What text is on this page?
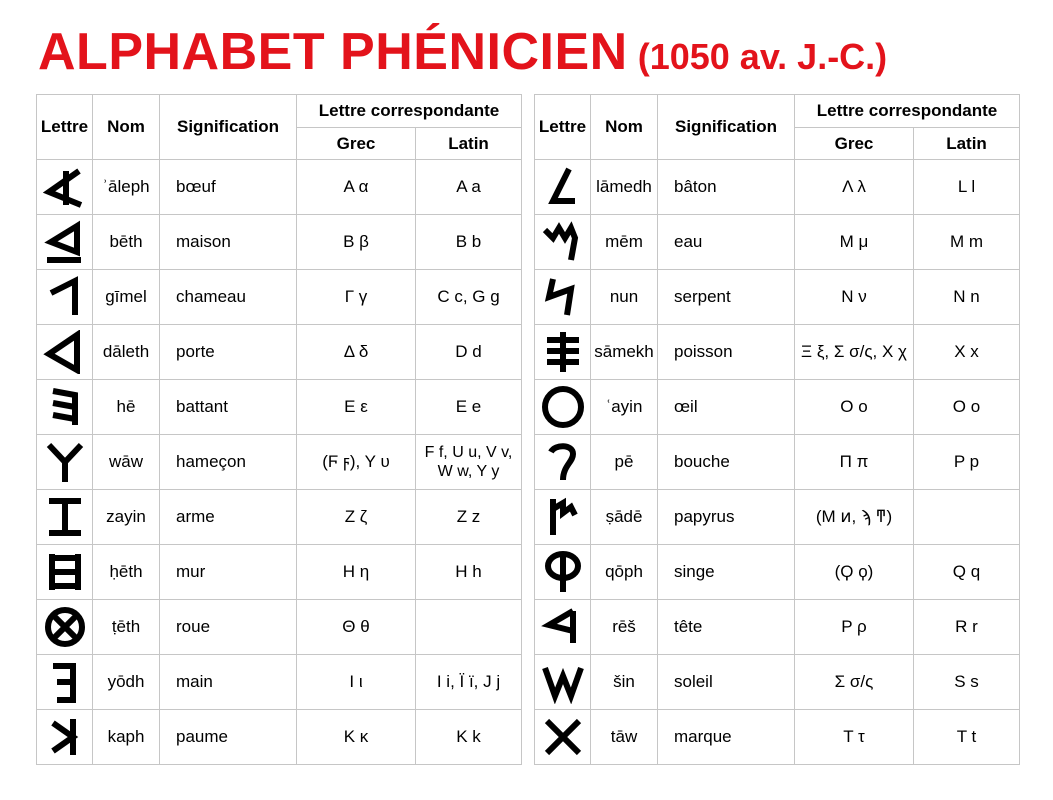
ALPHABET PHÉNICIEN (1050 av. J.-C.)
Lettre	Nom	Signification	Lettre correspondante	
			Grec	Latin

	ʾāleph	bœuf	Α α	A a

	bēth	maison	Β β	B b

	gīmel	chameau	Γ γ	C c, G g

	dāleth	porte	Δ δ	D d

	hē	battant	Ε ε	E e

	wāw	hameçon	(Ϝ ϝ), Υ υ	F f, U u, V v, W w, Y y

	zayin	arme	Ζ ζ	Z z

	ḥēth	mur	Η η	H h

	ṭēth	roue	Θ θ	

	yōdh	main	Ι ι	I i, Ï ï, J j

	kaph	paume	Κ κ	K k
Lettre	Nom	Signification	Lettre correspondante	
			Grec	Latin

	lāmedh	bâton	Λ λ	L l

	mēm	eau	Μ μ	M m

	nun	serpent	Ν ν	N n

	sāmekh	poisson	Ξ ξ, Σ σ/ς, Χ χ	X x

	ʿayin	œil	Ο ο	O o

	pē	bouche	Π π	P p

	ṣādē	papyrus	(Μ ͷ, ϡ ͳ)	

	qōph	singe	(Ϙ ϙ)	Q q

	rēš	tête	Ρ ρ	R r

	šin	soleil	Σ σ/ς	S s

	tāw	marque	Τ τ	T t
